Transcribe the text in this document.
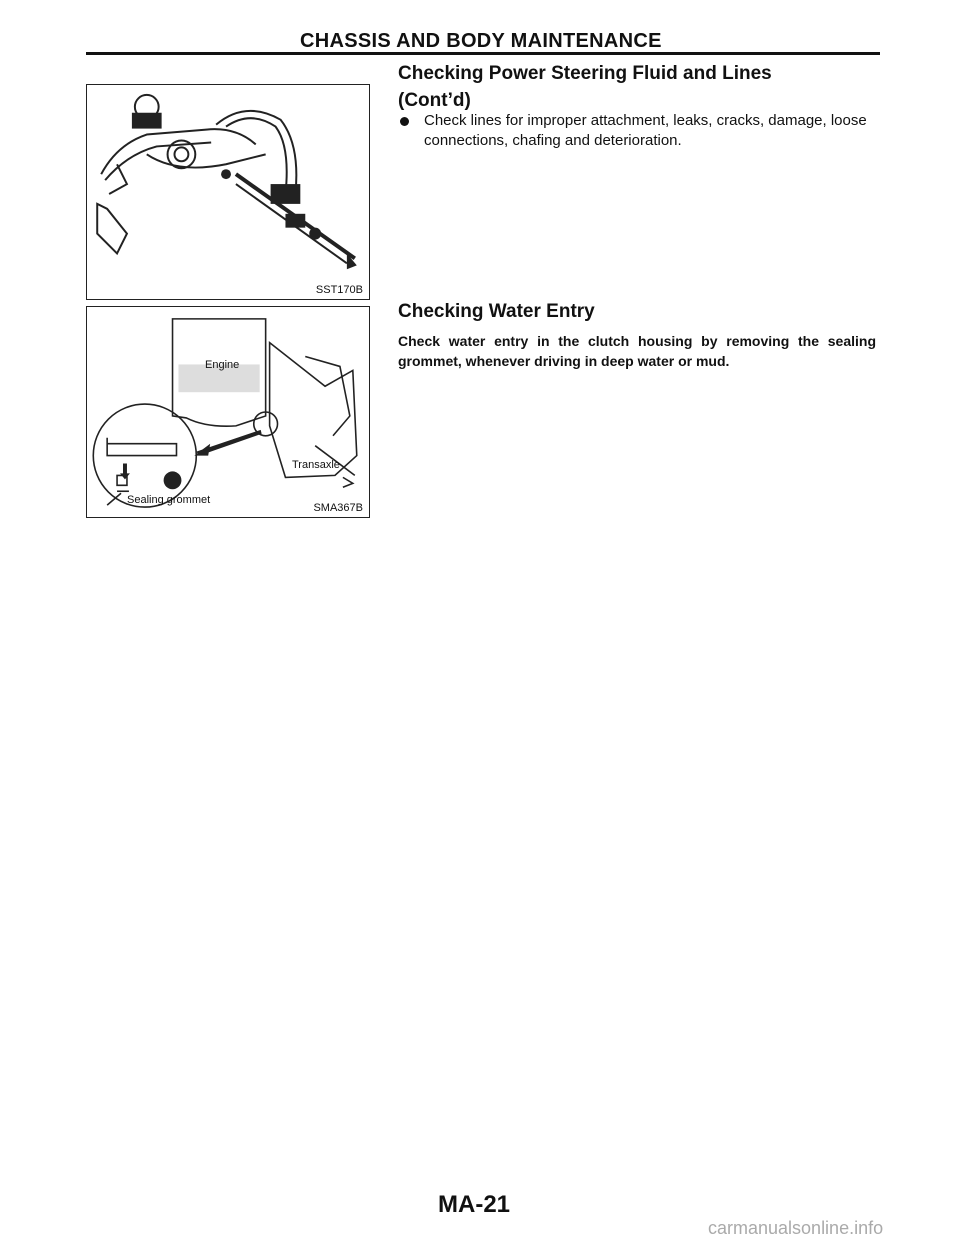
CHASSIS AND BODY MAINTENANCE
SST170B
Engine
Transaxle
Sealing grommet
SMA367B
Checking Power Steering Fluid and Lines
(Cont’d)
Check lines for improper attachment, leaks, cracks, damage, loose connections, chafing and deterioration.
Checking Water Entry
Check water entry in the clutch housing by removing the sealing grommet, whenever driving in deep water or mud.
MA-21
carmanualsonline.info
